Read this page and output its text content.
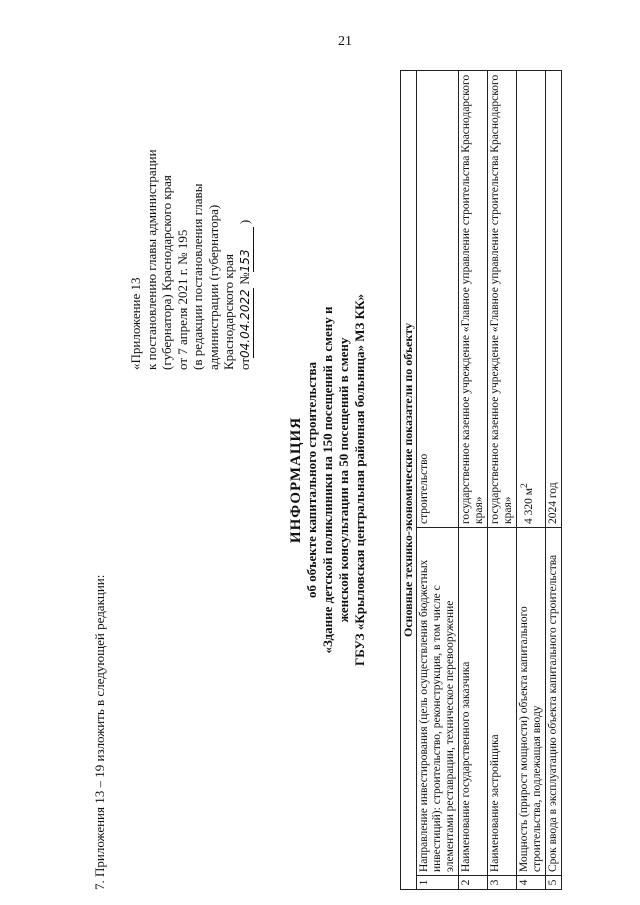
21
7. Приложения 13 – 19 изложить в следующей редакции:
«Приложение 13 к постановлению главы администрации (губернатора) Краснодарского края от 7 апреля 2021 г. № 195 (в редакции постановления главы администрации (губернатора) Краснодарского края от04.04.2022 №153 )
ИНФОРМАЦИЯ об объекте капитального строительства «Здание детской поликлиники на 150 посещений в смену и женской консультации на 50 посещений в смену ГБУЗ «Крыловская центральная районная больница» МЗ КК»	Основные технико-экономические показатели по объекту		
1	Направление инвестирования (цель осуществления бюджетных инвестиций): строительство, реконструкция, в том числе с элементами реставрации, техническое перевооружение	строительство
2	Наименование государственного заказчика	государственное казенное учреждение «Главное управление строительства Краснодарского края»
3	Наименование застройщика	государственное казенное учреждение «Главное управление строительства Краснодарского края»
4	Мощность (прирост мощности) объекта капитального строительства, подлежащая вводу	4 320 $м^2$
5	Срок ввода в эксплуатацию объекта капитального строительства	2024 год
